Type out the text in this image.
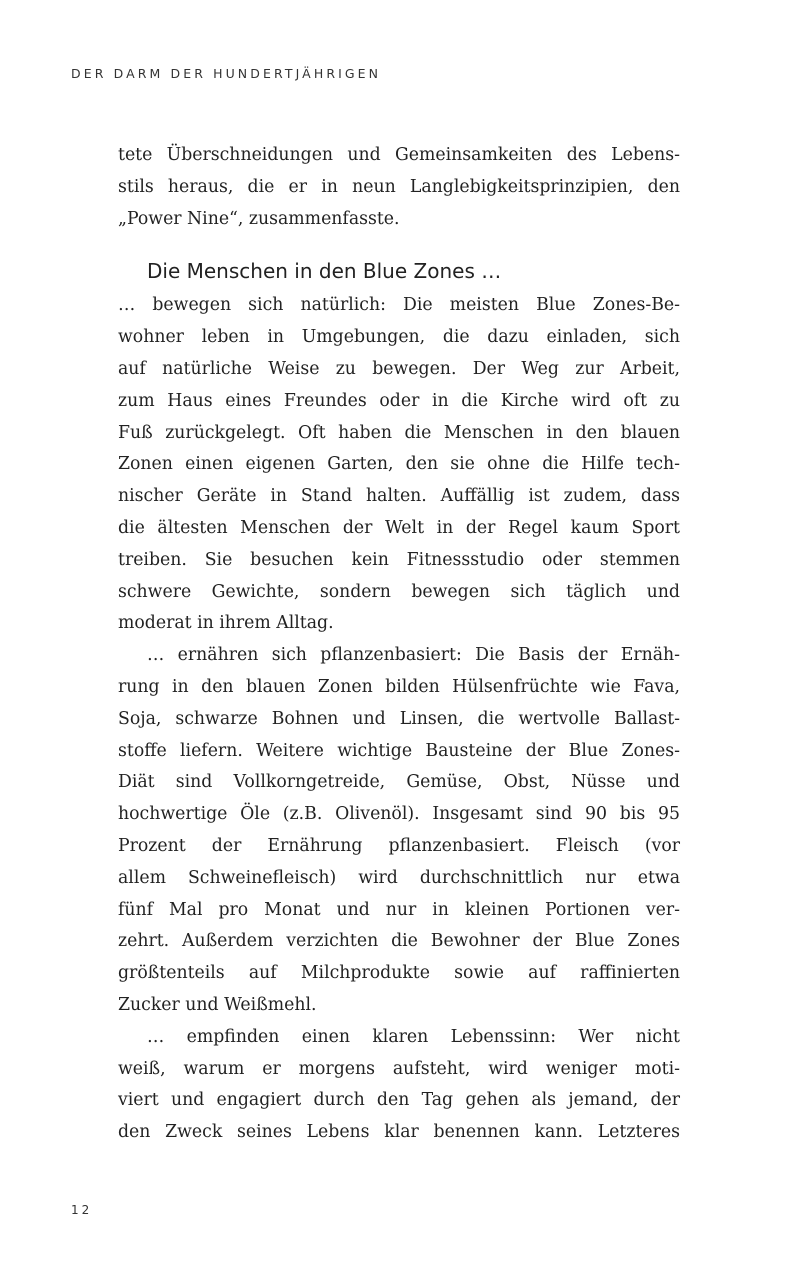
DER DARM DER HUNDERTJÄHRIGEN
tete Überschneidungen und Gemeinsamkeiten des Lebens-
stils heraus, die er in neun Langlebigkeitsprinzipien, den
„Power Nine“, zusammenfasste.
Die Menschen in den Blue Zones …
… bewegen sich natürlich: Die meisten Blue Zones-Be-
wohner leben in Umgebungen, die dazu einladen, sich
auf natürliche Weise zu bewegen. Der Weg zur Arbeit,
zum Haus eines Freundes oder in die Kirche wird oft zu
Fuß zurückgelegt. Oft haben die Menschen in den blauen
Zonen einen eigenen Garten, den sie ohne die Hilfe tech-
nischer Geräte in Stand halten. Auffällig ist zudem, dass
die ältesten Menschen der Welt in der Regel kaum Sport
treiben. Sie besuchen kein Fitnessstudio oder stemmen
schwere Gewichte, sondern bewegen sich täglich und
moderat in ihrem Alltag.
… ernähren sich pflanzenbasiert: Die Basis der Ernäh-
rung in den blauen Zonen bilden Hülsenfrüchte wie Fava,
Soja, schwarze Bohnen und Linsen, die wertvolle Ballast-
stoffe liefern. Weitere wichtige Bausteine der Blue Zones-
Diät sind Vollkorngetreide, Gemüse, Obst, Nüsse und
hochwertige Öle (z.B. Olivenöl). Insgesamt sind 90 bis 95
Prozent der Ernährung pflanzenbasiert. Fleisch (vor
allem Schweinefleisch) wird durchschnittlich nur etwa
fünf Mal pro Monat und nur in kleinen Portionen ver-
zehrt. Außerdem verzichten die Bewohner der Blue Zones
größtenteils auf Milchprodukte sowie auf raffinierten
Zucker und Weißmehl.
… empfinden einen klaren Lebenssinn: Wer nicht
weiß, warum er morgens aufsteht, wird weniger moti-
viert und engagiert durch den Tag gehen als jemand, der
den Zweck seines Lebens klar benennen kann. Letzteres
12
